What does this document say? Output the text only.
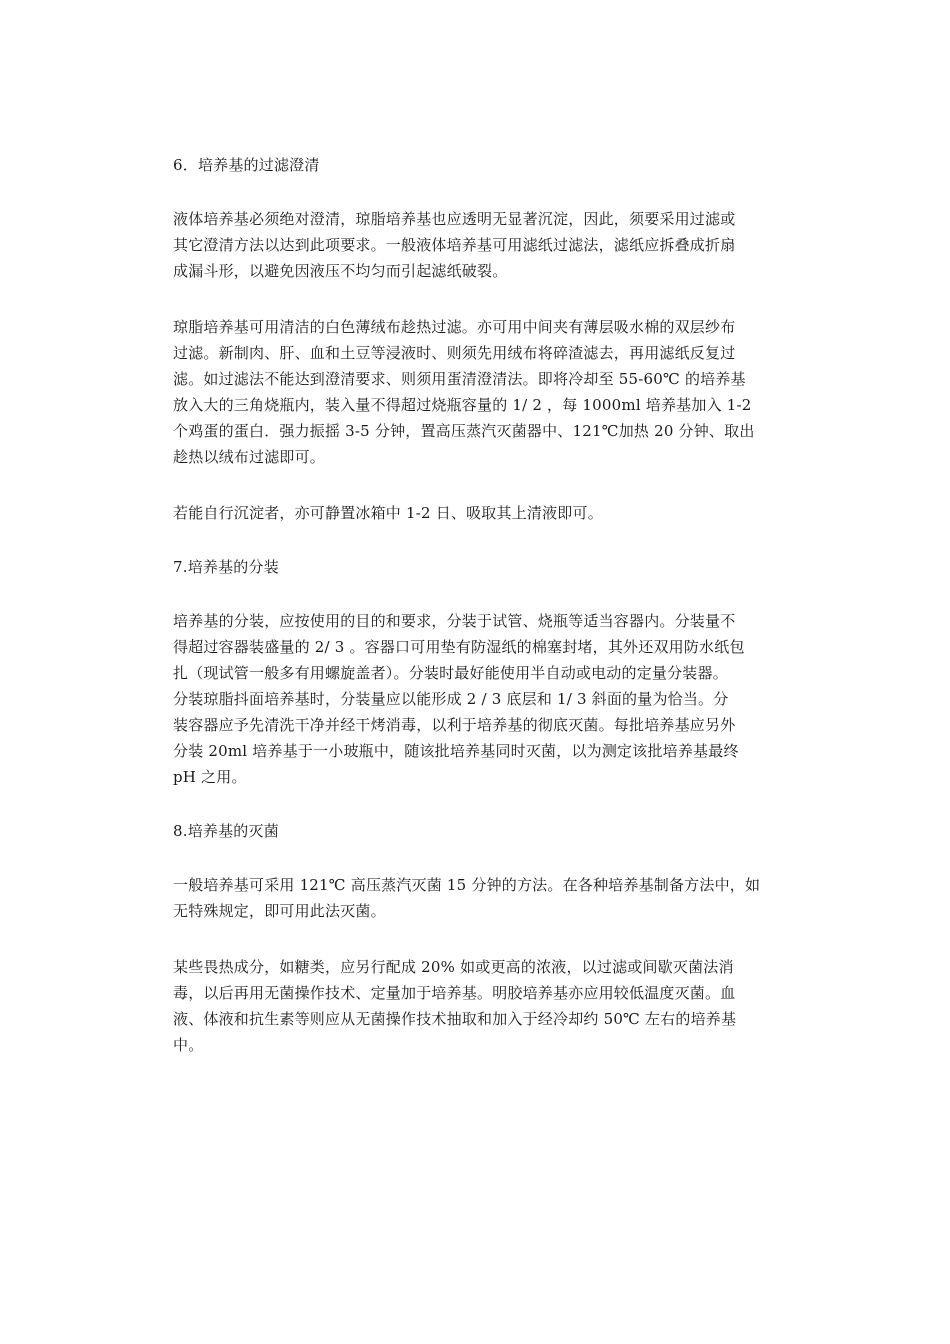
6．培养基的过滤澄清

液体培养基必须绝对澄清，琼脂培养基也应透明无显著沉淀，因此，须要采用过滤或
其它澄清方法以达到此项要求。一般液体培养基可用滤纸过滤法，滤纸应拆叠成折扇
成漏斗形，以避免因液压不均匀而引起滤纸破裂。

琼脂培养基可用清洁的白色薄绒布趁热过滤。亦可用中间夹有薄层吸水棉的双层纱布
过滤。新制肉、肝、血和土豆等浸液时、则须先用绒布将碎渣滤去，再用滤纸反复过
滤。如过滤法不能达到澄清要求、则须用蛋清澄清法。即将冷却至 55-60℃ 的培养基
放入大的三角烧瓶内，装入量不得超过烧瓶容量的 1/ 2 ，每 1000ml 培养基加入 1-2
个鸡蛋的蛋白．强力振摇 3-5 分钟，置高压蒸汽灭菌器中、121℃加热 20 分钟、取出
趁热以绒布过滤即可。

若能自行沉淀者，亦可静置冰箱中 1-2 日、吸取其上清液即可。

7.培养基的分装

培养基的分装，应按使用的目的和要求，分装于试管、烧瓶等适当容器内。分装量不
得超过容器装盛量的 2/ 3 。容器口可用垫有防湿纸的棉塞封堵，其外还双用防水纸包
扎（现试管一般多有用螺旋盖者）。分装时最好能使用半自动或电动的定量分装器。
分装琼脂抖面培养基时，分装量应以能形成 2 / 3 底层和 1/ 3 斜面的量为恰当。分
装容器应予先清洗干净并经干烤消毒，以利于培养基的彻底灭菌。每批培养基应另外
分装 20ml 培养基于一小玻瓶中，随该批培养基同时灭菌，以为测定该批培养基最终
pH 之用。

8.培养基的灭菌

一般培养基可采用 121℃ 高压蒸汽灭菌 15 分钟的方法。在各种培养基制备方法中，如
无特殊规定，即可用此法灭菌。

某些畏热成分，如糖类，应另行配成 20% 如或更高的浓液，以过滤或间歇灭菌法消
毒，以后再用无菌操作技术、定量加于培养基。明胶培养基亦应用较低温度灭菌。血
液、体液和抗生素等则应从无菌操作技术抽取和加入于经冷却约 50℃ 左右的培养基
中。
